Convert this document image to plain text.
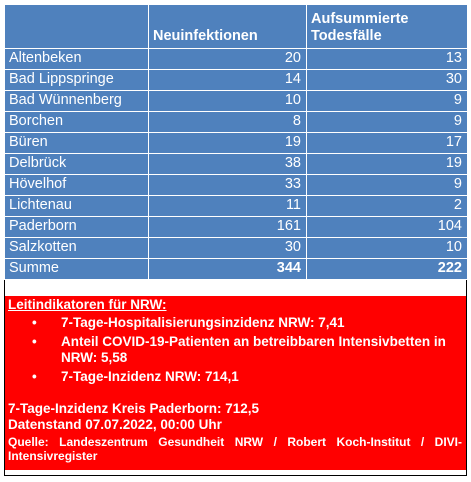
	Neuinfektionen	Aufsummierte Todesfälle
Altenbeken	20	13
Bad Lippspringe	14	30
Bad Wünnenberg	10	9
Borchen	8	9
Büren	19	17
Delbrück	38	19
Hövelhof	33	9
Lichtenau	11	2
Paderborn	161	104
Salzkotten	30	10
Summe	344	222

Leitindikatoren für NRW:

• 7-Tage-Hospitalisierungsinzidenz NRW: 7,41
• Anteil COVID-19-Patienten an betreibbaren Intensivbetten in NRW: 5,58
• 7-Tage-Inzidenz NRW: 714,1

7-Tage-Inzidenz Kreis Paderborn: 712,5

Datenstand 07.07.2022, 00:00 Uhr

Quelle: Landeszentrum Gesundheit NRW / Robert Koch-Institut / DIVI-Intensivregister
